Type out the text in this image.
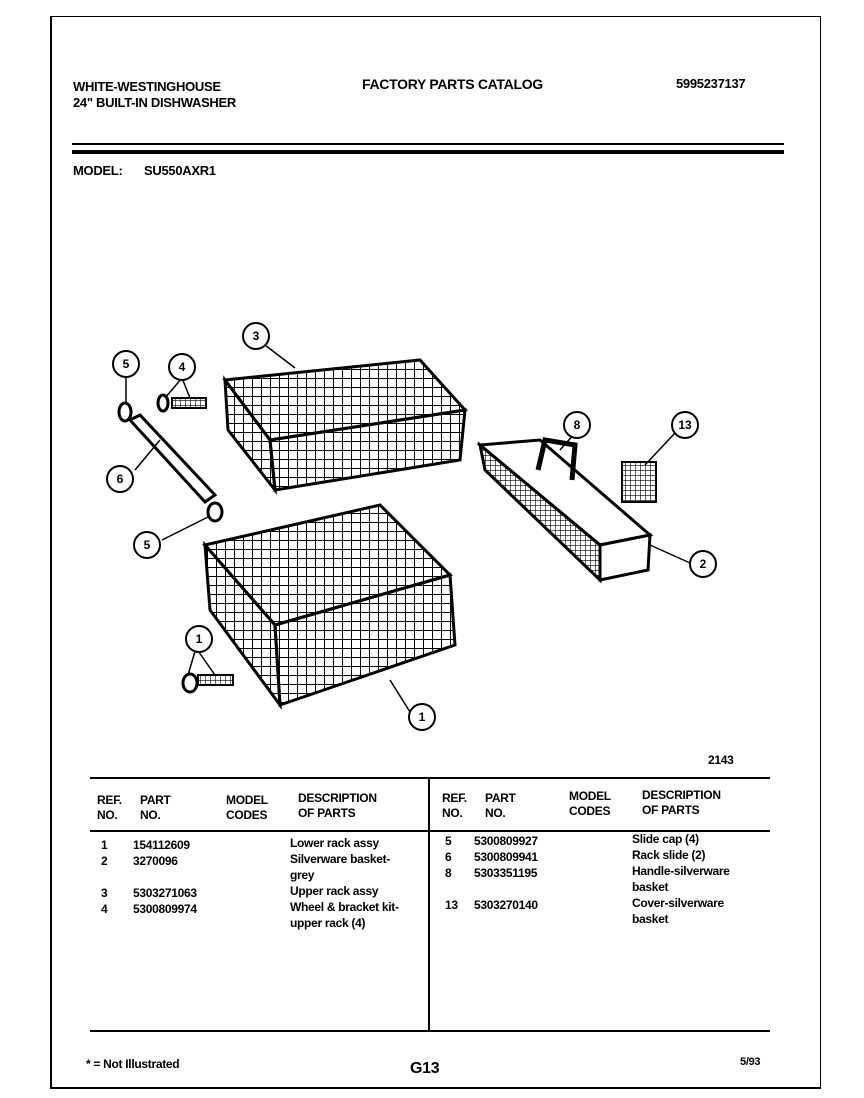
WHITE-WESTINGHOUSE
24" BUILT-IN DISHWASHER
FACTORY PARTS CATALOG	5995237137
MODEL: SU550AXR1
3
5	4
6
5
8	13
2
1
1
2143
REF.
NO.
PART
NO.
MODEL
CODES
DESCRIPTION
OF PARTS
REF.
NO.
PART
NO.
MODEL
CODES
DESCRIPTION
OF PARTS
1 154112609	Lower rack assy
2 3270096	Silverware basket-
grey
3 5303271063	Upper rack assy
4 5300809974	Wheel & bracket kit-
upper rack (4)
5 5300809927	Slide cap (4)
6 5300809941	Rack slide (2)
8 5303351195	Handle-silverware
basket
13 5303270140	Cover-silverware
basket
* = Not Illustrated	G13	5/93
